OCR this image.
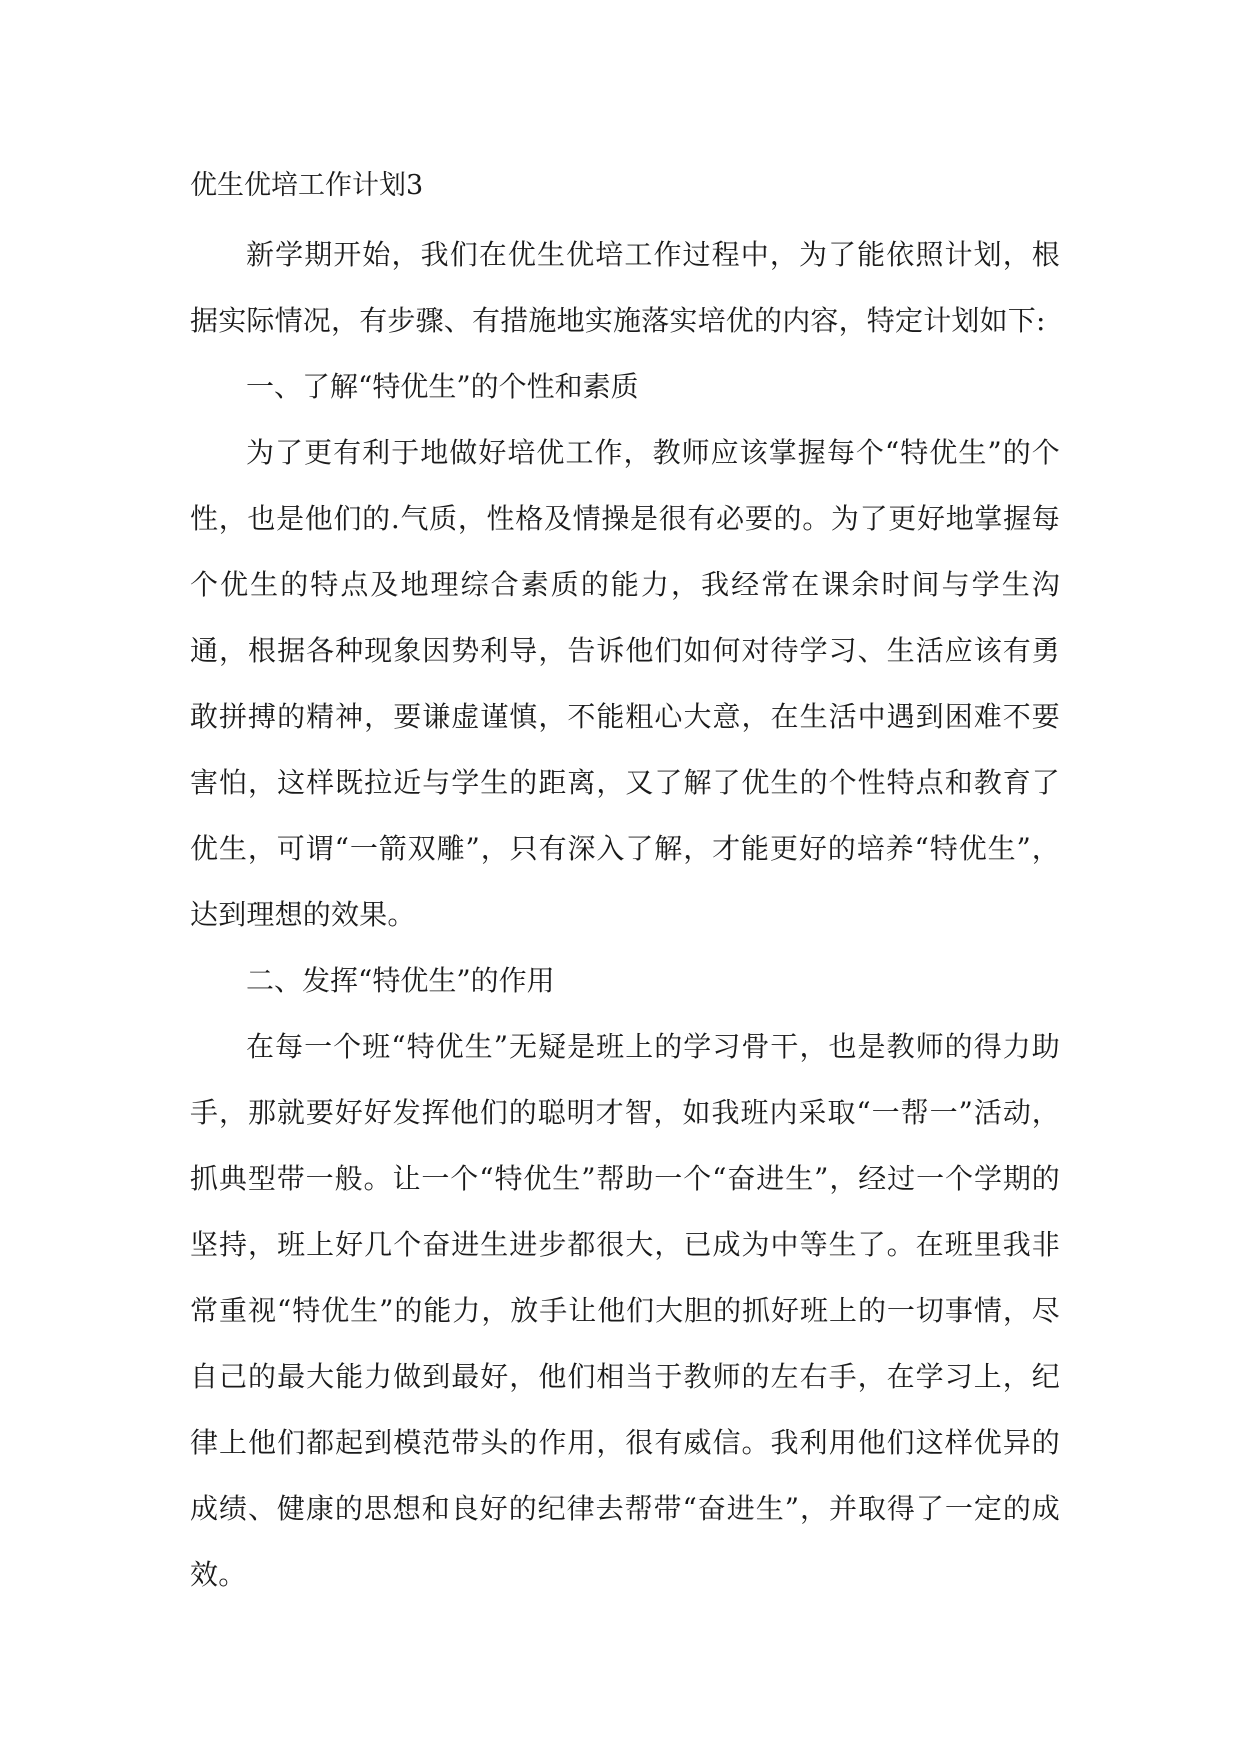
优生优培工作计划3

新学期开始，我们在优生优培工作过程中，为了能依照计划，根据实际情况，有步骤、有措施地实施落实培优的内容，特定计划如下:

一、了解“特优生”的个性和素质

为了更有利于地做好培优工作，教师应该掌握每个“特优生”的个性，也是他们的.气质，性格及情操是很有必要的。为了更好地掌握每个优生的特点及地理综合素质的能力，我经常在课余时间与学生沟通，根据各种现象因势利导，告诉他们如何对待学习、生活应该有勇敢拼搏的精神，要谦虚谨慎，不能粗心大意，在生活中遇到困难不要害怕，这样既拉近与学生的距离，又了解了优生的个性特点和教育了优生，可谓“一箭双雕”，只有深入了解，才能更好的培养“特优生”，达到理想的效果。

二、发挥“特优生”的作用

在每一个班“特优生”无疑是班上的学习骨干，也是教师的得力助手，那就要好好发挥他们的聪明才智，如我班内采取“一帮一”活动，抓典型带一般。让一个“特优生”帮助一个“奋进生”，经过一个学期的坚持，班上好几个奋进生进步都很大，已成为中等生了。在班里我非常重视“特优生”的能力，放手让他们大胆的抓好班上的一切事情，尽自己的最大能力做到最好，他们相当于教师的左右手，在学习上，纪律上他们都起到模范带头的作用，很有威信。我利用他们这样优异的成绩、健康的思想和良好的纪律去帮带“奋进生”，并取得了一定的成效。
